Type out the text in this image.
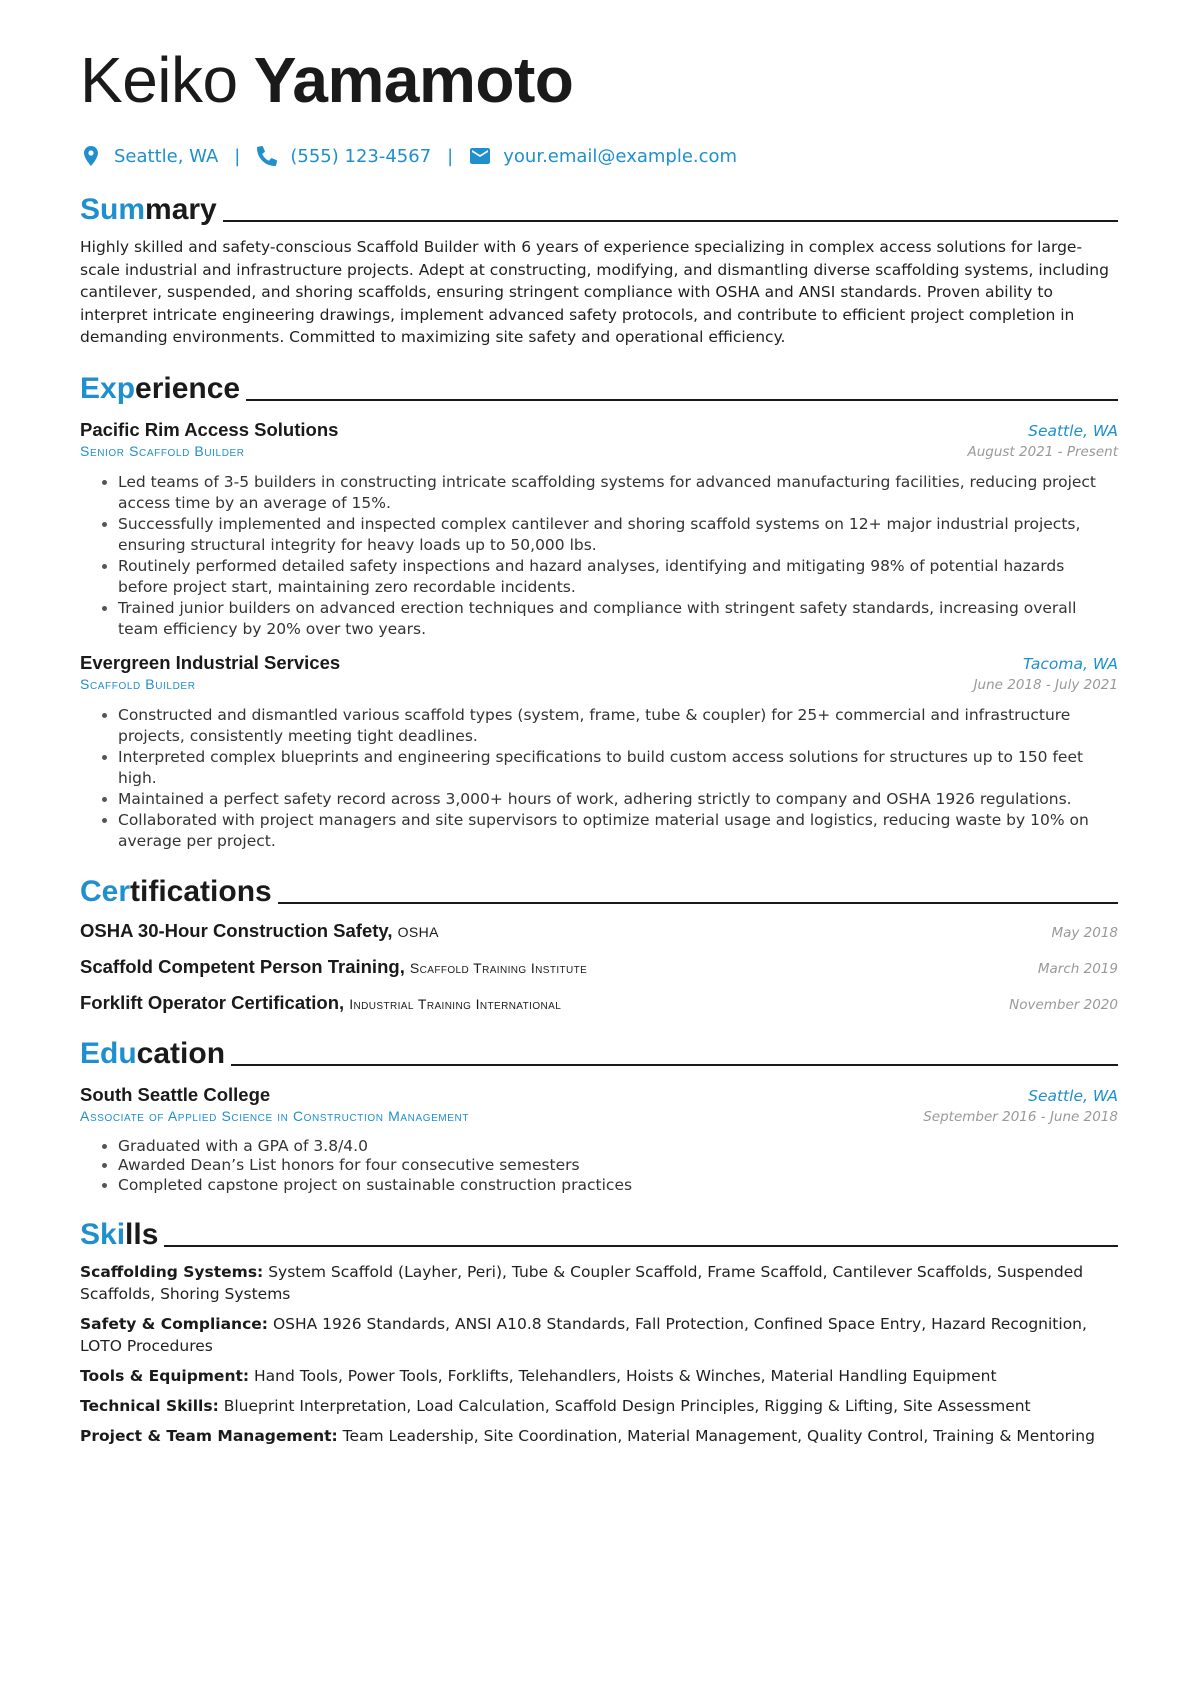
Keiko Yamamoto
Seattle, WA |	(555) 123-4567 |	your.email@example.com
Summary

Highly skilled and safety-conscious Scaffold Builder with 6 years of experience specializing in complex access solutions for large-scale industrial and infrastructure projects. Adept at constructing, modifying, and dismantling diverse scaffolding systems, including cantilever, suspended, and shoring scaffolds, ensuring stringent compliance with OSHA and ANSI standards. Proven ability to interpret intricate engineering drawings, implement advanced safety protocols, and contribute to efficient project completion in demanding environments. Committed to maximizing site safety and operational efficiency.

Experience
Pacific Rim Access Solutions	Seattle, WA
Senior Scaffold Builder	August 2021 - Present
• Led teams of 3-5 builders in constructing intricate scaffolding systems for advanced manufacturing facilities, reducing project access time by an average of 15%.
• Successfully implemented and inspected complex cantilever and shoring scaffold systems on 12+ major industrial projects, ensuring structural integrity for heavy loads up to 50,000 lbs.
• Routinely performed detailed safety inspections and hazard analyses, identifying and mitigating 98% of potential hazards before project start, maintaining zero recordable incidents.
• Trained junior builders on advanced erection techniques and compliance with stringent safety standards, increasing overall team efficiency by 20% over two years.
Evergreen Industrial Services	Tacoma, WA
Scaffold Builder	June 2018 - July 2021
• Constructed and dismantled various scaffold types (system, frame, tube & coupler) for 25+ commercial and infrastructure projects, consistently meeting tight deadlines.
• Interpreted complex blueprints and engineering specifications to build custom access solutions for structures up to 150 feet high.
• Maintained a perfect safety record across 3,000+ hours of work, adhering strictly to company and OSHA 1926 regulations.
• Collaborated with project managers and site supervisors to optimize material usage and logistics, reducing waste by 10% on average per project.
Certifications
OSHA 30-Hour Construction Safety, OSHA	May 2018
Scaffold Competent Person Training, Scaffold Training Institute	March 2019
Forklift Operator Certification, Industrial Training International	November 2020
Education
South Seattle College	Seattle, WA
Associate of Applied Science in Construction Management	September 2016 - June 2018
• Graduated with a GPA of 3.8/4.0
• Awarded Dean’s List honors for four consecutive semesters
• Completed capstone project on sustainable construction practices
Skills
Scaffolding Systems: System Scaffold (Layher, Peri), Tube & Coupler Scaffold, Frame Scaffold, Cantilever Scaffolds, Suspended Scaffolds, Shoring Systems
Safety & Compliance: OSHA 1926 Standards, ANSI A10.8 Standards, Fall Protection, Confined Space Entry, Hazard Recognition, LOTO Procedures
Tools & Equipment: Hand Tools, Power Tools, Forklifts, Telehandlers, Hoists & Winches, Material Handling Equipment
Technical Skills: Blueprint Interpretation, Load Calculation, Scaffold Design Principles, Rigging & Lifting, Site Assessment
Project & Team Management: Team Leadership, Site Coordination, Material Management, Quality Control, Training & Mentoring
